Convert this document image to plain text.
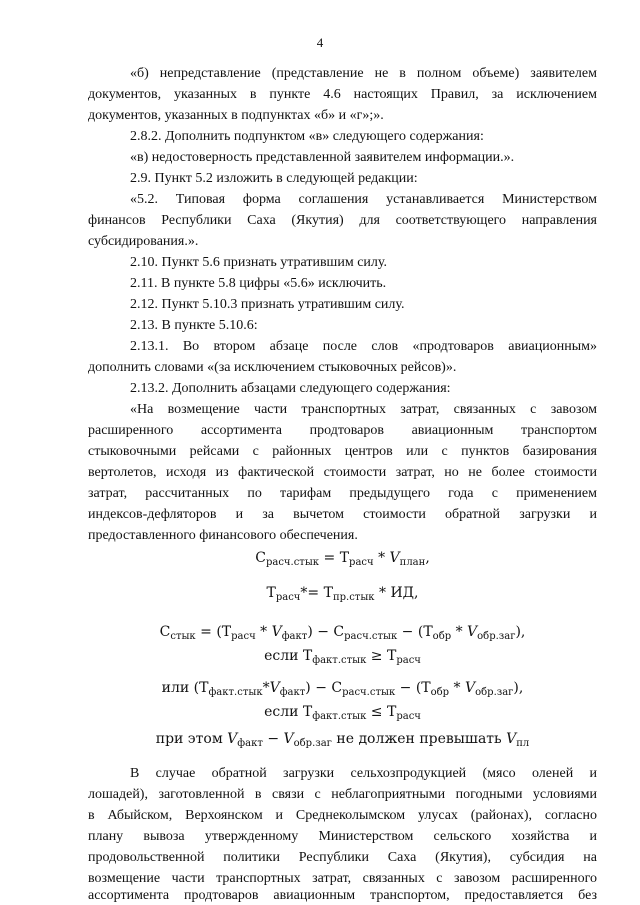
4
«б) непредставление (представление не в полном объеме) заявителем
документов, указанных в пункте 4.6 настоящих Правил, за исключением
документов, указанных в подпунктах «б» и «г»;».
2.8.2. Дополнить подпунктом «в» следующего содержания:
«в) недостоверность представленной заявителем информации.».
2.9. Пункт 5.2 изложить в следующей редакции:
«5.2. Типовая форма соглашения устанавливается Министерством
финансов Республики Саха (Якутия) для соответствующего направления
субсидирования.».
2.10. Пункт 5.6 признать утратившим силу.
2.11. В пункте 5.8 цифры «5.6» исключить.
2.12. Пункт 5.10.3 признать утратившим силу.
2.13. В пункте 5.10.6:
2.13.1. Во втором абзаце после слов «продтоваров авиационным»
дополнить словами «(за исключением стыковочных рейсов)».
2.13.2. Дополнить абзацами следующего содержания:
«На возмещение части транспортных затрат, связанных с завозом
расширенного ассортимента продтоваров авиационным транспортом
стыковочными рейсами с районных центров или с пунктов базирования
вертолетов, исходя из фактической стоимости затрат, но не более стоимости
затрат, рассчитанных по тарифам предыдущего года с применением
индексов-дефляторов и за вычетом стоимости обратной загрузки и
предоставленного финансового обеспечения.
$C_{расч.стык} = Т_{расч} * V_{план}$,
$Т_{расч}*= Т_{пр.стык}$ * ИД,
$C_{стык} = (Т_{расч} * V_{факт}) - C_{расч.стык} - (Т_{обр} * V_{обр.заг})$,
если $Т_{факт.стык} \ge Т_{расч}$
или $(Т_{факт.стык}*V_{факт}) - C_{расч.стык} - (Т_{обр} * V_{обр.заг})$,
если $Т_{факт.стык} \le Т_{расч}$
при этом $V_{факт} - V_{обр.заг}$ не должен превышать $V_{пл}$
В случае обратной загрузки сельхозпродукцией (мясо оленей и
лошадей), заготовленной в связи с неблагоприятными погодными условиями
в Абыйском, Верхоянском и Среднеколымском улусах (районах), согласно
плану вывоза утвержденному Министерством сельского хозяйства и
продовольственной политики Республики Саха (Якутия), субсидия на
возмещение части транспортных затрат, связанных с завозом расширенного
ассортимента продтоваров авиационным транспортом, предоставляется без
